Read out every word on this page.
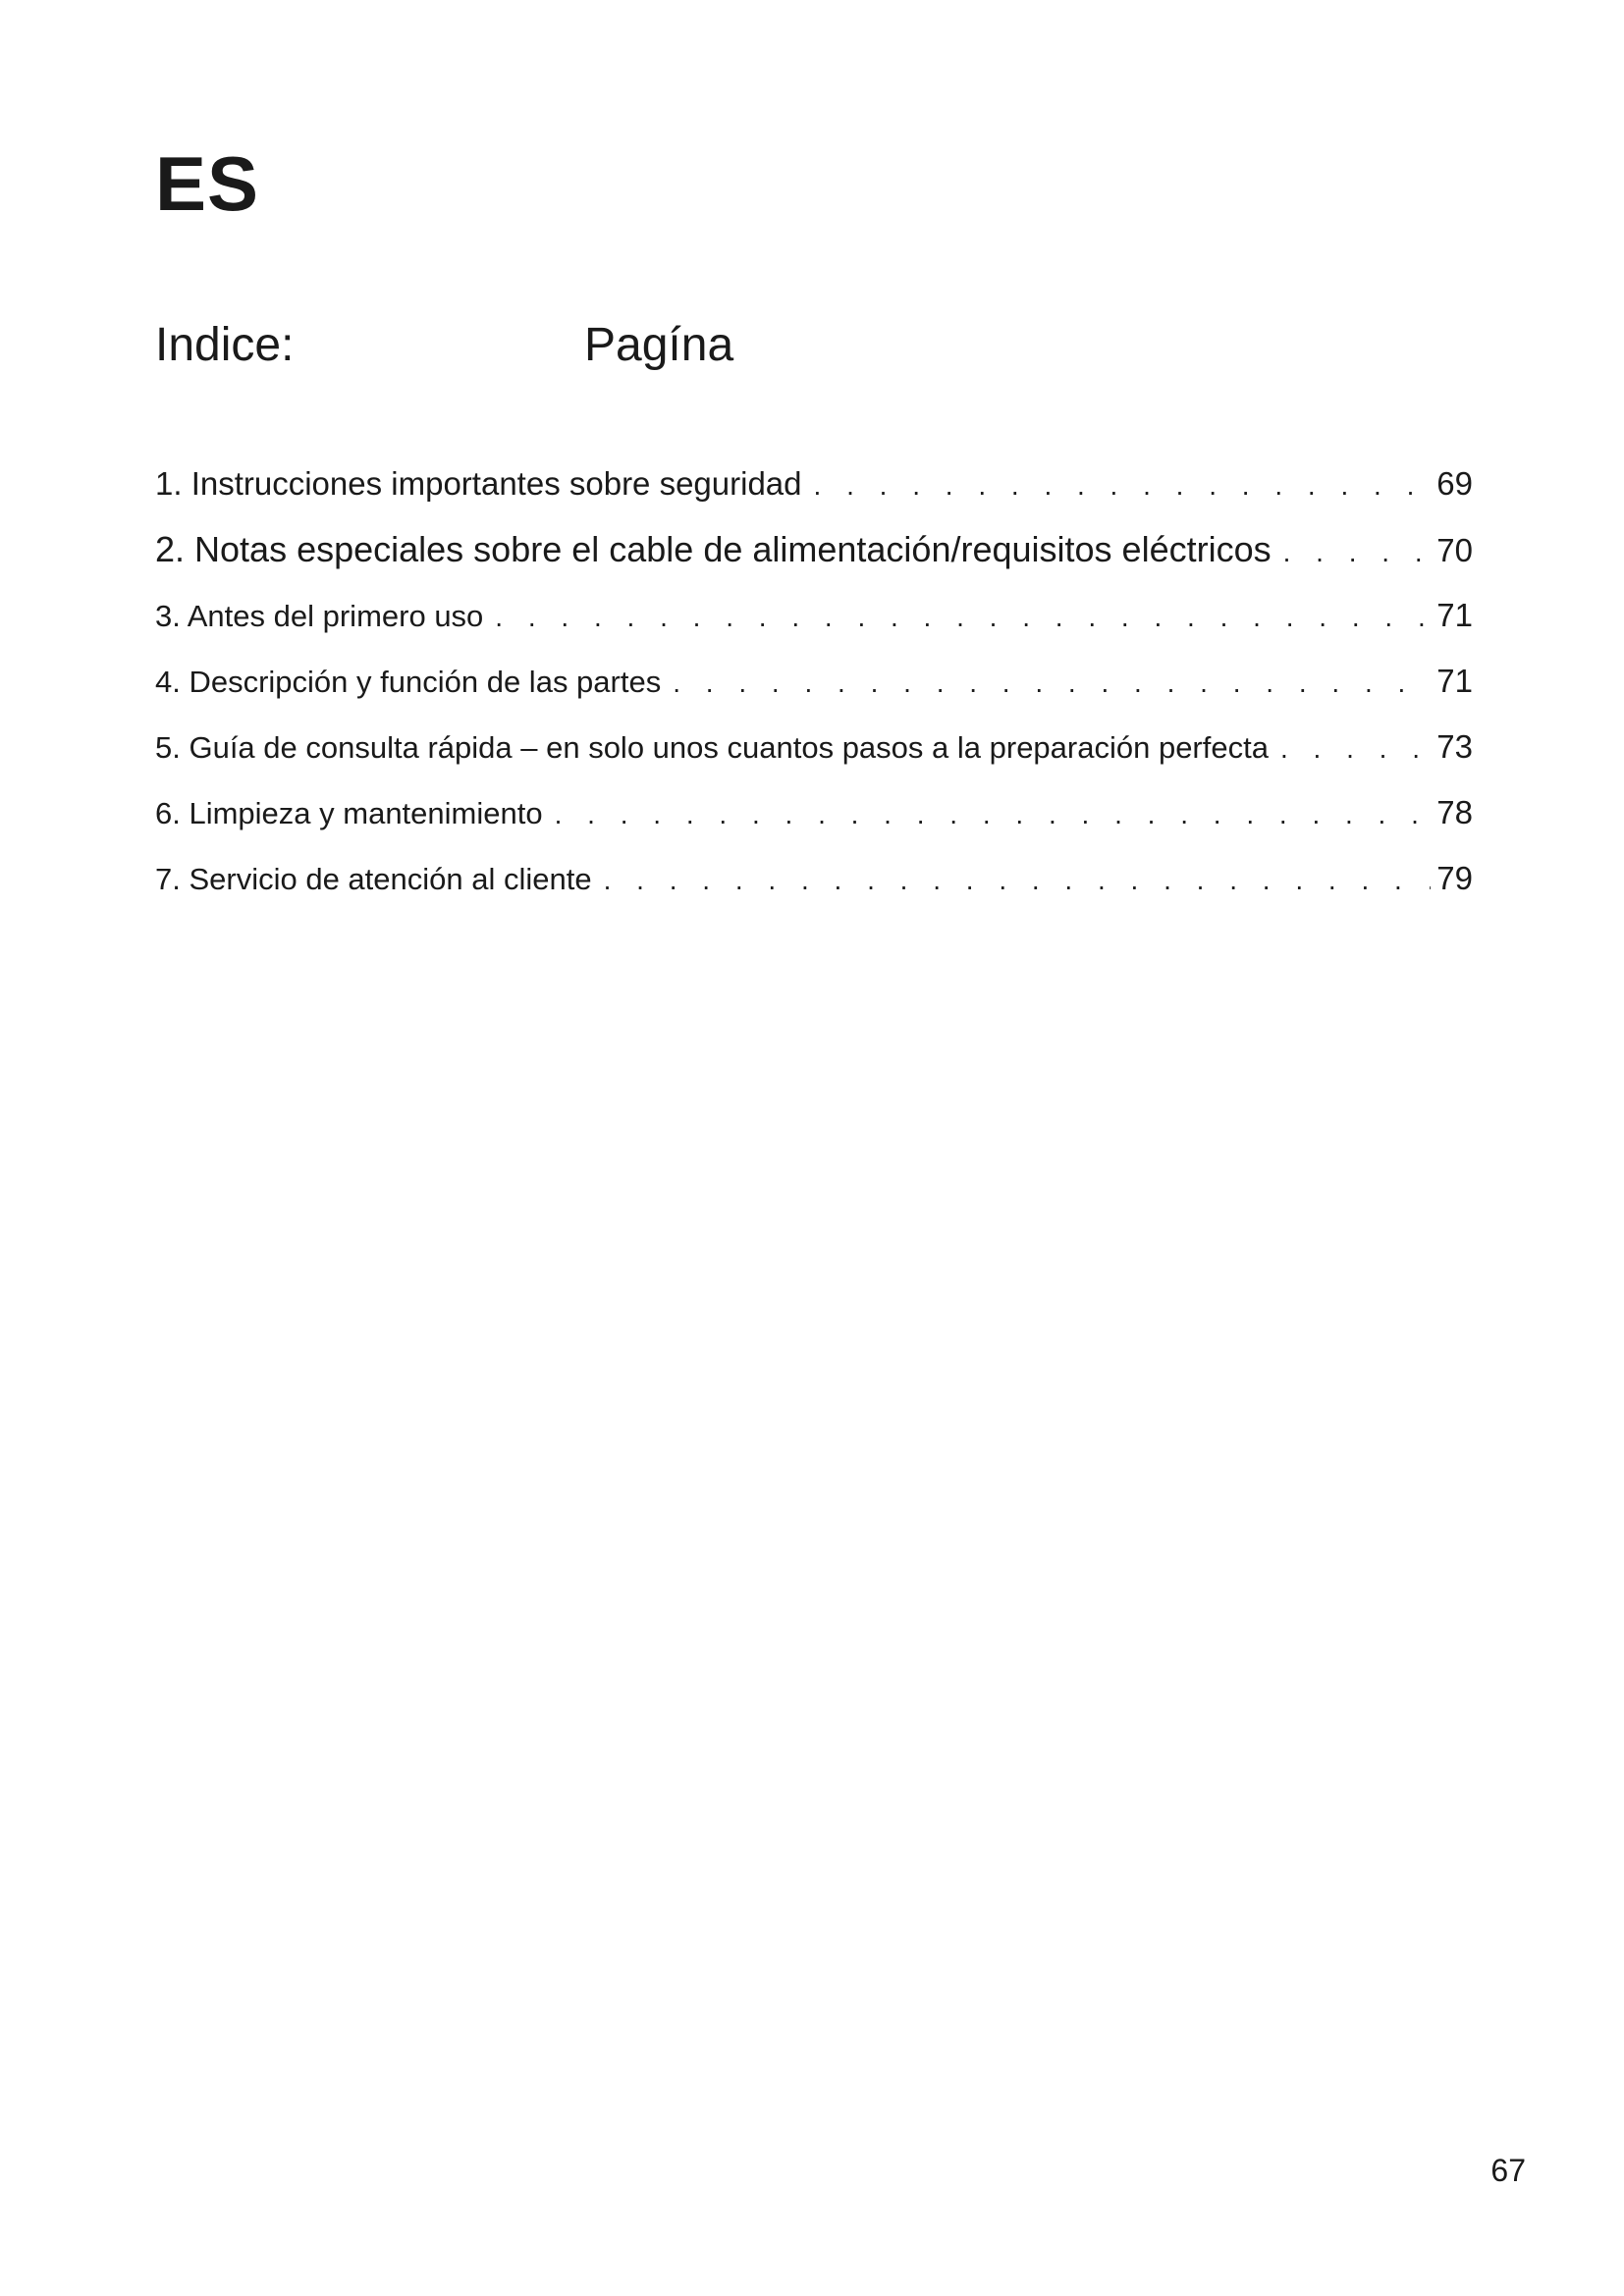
ES
Indice:	Pagína
1. Instrucciones importantes sobre seguridad . . .	69
2. Notas especiales sobre el cable de alimentación/requisitos eléctricos . . .	70
3. Antes del primero uso . . .	71
4. Descripción y función de las partes . . .	71
5. Guía de consulta rápida – en solo unos cuantos pasos a la preparación perfecta . . .	73
6. Limpieza y mantenimiento . . .	78
7. Servicio de atención al cliente . . .	79
67
